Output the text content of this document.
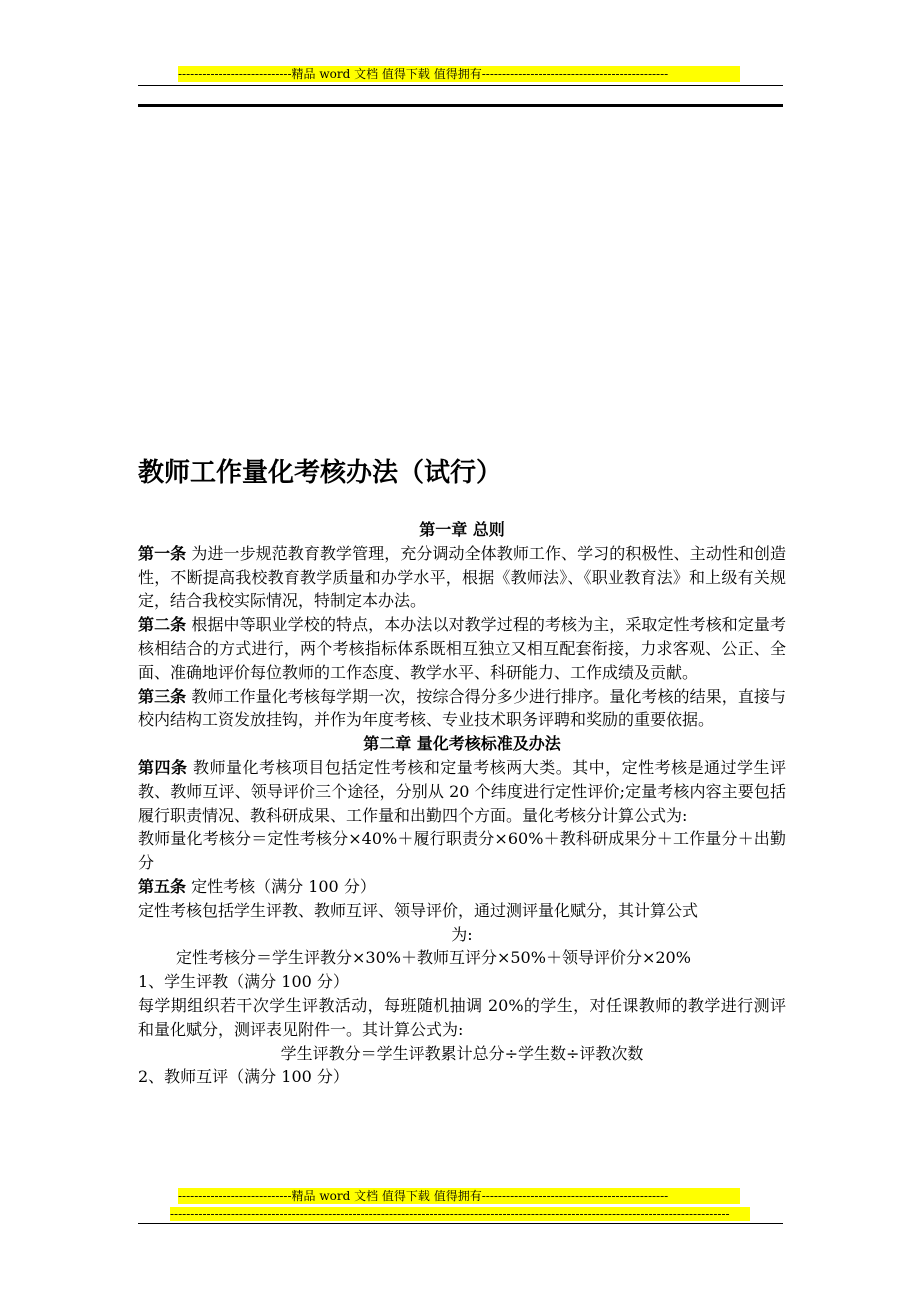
----------------------------精品 word 文档 值得下载 值得拥有----------------------------------------------
教师工作量化考核办法（试行）

第一章 总则

第一条 为进一步规范教育教学管理，充分调动全体教师工作、学习的积极性、主动性和创造性，不断提高我校教育教学质量和办学水平，根据《教师法》、《职业教育法》和上级有关规定，结合我校实际情况，特制定本办法。

第二条 根据中等职业学校的特点，本办法以对教学过程的考核为主，采取定性考核和定量考核相结合的方式进行，两个考核指标体系既相互独立又相互配套衔接，力求客观、公正、全面、准确地评价每位教师的工作态度、教学水平、科研能力、工作成绩及贡献。

第三条 教师工作量化考核每学期一次，按综合得分多少进行排序。量化考核的结果，直接与校内结构工资发放挂钩，并作为年度考核、专业技术职务评聘和奖励的重要依据。

第二章 量化考核标准及办法

第四条 教师量化考核项目包括定性考核和定量考核两大类。其中，定性考核是通过学生评教、教师互评、领导评价三个途径，分别从 20 个纬度进行定性评价;定量考核内容主要包括履行职责情况、教科研成果、工作量和出勤四个方面。量化考核分计算公式为:

教师量化考核分＝定性考核分×40%＋履行职责分×60%＋教科研成果分＋工作量分＋出勤分

第五条 定性考核（满分 100 分）

定性考核包括学生评教、教师互评、领导评价，通过测评量化赋分，其计算公式

为:

定性考核分＝学生评教分×30%＋教师互评分×50%＋领导评价分×20%

1、学生评教（满分 100 分）

每学期组织若干次学生评教活动，每班随机抽调 20%的学生，对任课教师的教学进行测评和量化赋分，测评表见附件一。其计算公式为:

学生评教分＝学生评教累计总分÷学生数÷评教次数

2、教师互评（满分 100 分）

----------------------------精品 word 文档 值得下载 值得拥有----------------------------------------------
------------------------------------------------------------------------------------------------------------------------------------------
